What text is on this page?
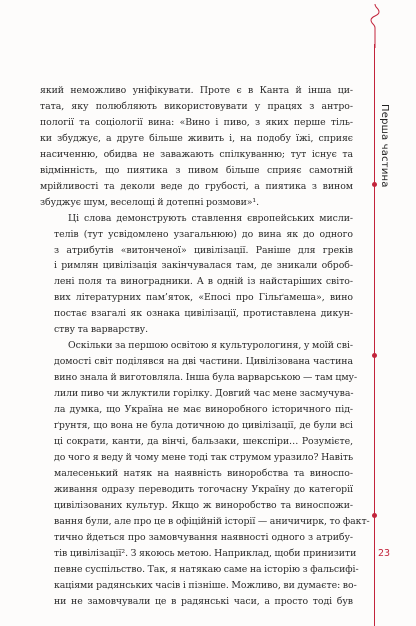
Перша частина
23

який неможливо уніфікувати. Проте є в Канта й інша ци-
тата, яку полюбляють використовувати у працях з антро-
пології та соціології вина: «Вино і пиво, з яких перше тіль-
ки збуджує, а друге більше живить і, на подобу їжі, сприяє
насиченню, обидва не заважають спілкуванню; тут існує та
відмінність, що пиятика з пивом більше сприяє самотній
мрійливості та деколи веде до грубості, а пиятика з вином
збуджує шум, веселощі й дотепні розмови»¹.

Ці слова демонструють ставлення європейських мисли-
телів (тут усвідомлено узагальнюю) до вина як до одного
з атрибутів «витонченої» цивілізації. Раніше для греків
і римлян цивілізація закінчувалася там, де зникали оброб-
лені поля та виноградники. А в одній із найстаріших світо-
вих літературних пам’яток, «Епосі про Гільґамеша», вино
постає взагалі як ознака цивілізації, протиставлена дикун-
ству та варварству.

Оскільки за першою освітою я культурологиня, у моїй сві-
домості світ поділявся на дві частини. Цивілізована частина
вино знала й виготовляла. Інша була варварською — там цму-
лили пиво чи жлуктили горілку. Довгий час мене засмучува-
ла думка, що Україна не має виноробного історичного під-
ґрунтя, що вона не була дотичною до цивілізації, де були всі
ці сократи, канти, да вінчі, бальзаки, шекспіри… Розумієте,
до чого я веду й чому мене тоді так струмом уразило? Навіть
малесенький натяк на наявність виноробства та виноспо-
живання одразу переводить тогочасну Україну до категорії
цивілізованих культур. Якщо ж виноробство та виноспожи-
вання були, але про це в офіційній історії — аничичирк, то факт-
тично йдеться про замовчування наявності одного з атрибу-
тів цивілізації². З якоюсь метою. Наприклад, щоби принизити
певне суспільство. Так, я натякаю саме на історію з фальсифі-
каціями радянських часів і пізніше. Можливо, ви думаєте: во-
ни не замовчували це в радянські часи, а просто тоді був
